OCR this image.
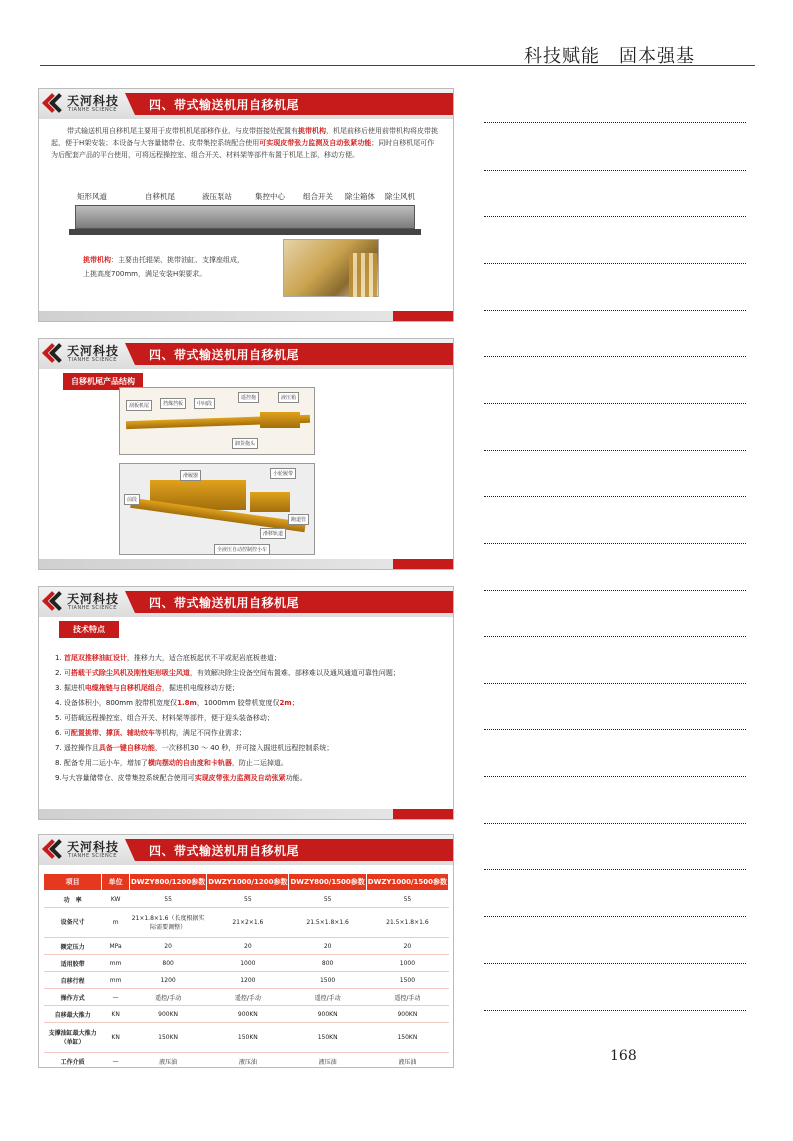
科技赋能　固本强基
天河科技
TIANHE SCIENCE	四、带式输送机用自移机尾
带式输送机用自移机尾主要用于皮带机机尾部移作业，与皮带搭接处配置有挑带机构，机尾前移后使用前带机构将皮带挑起，便于H架安装；本设备与大容量储带仓、皮带集控系统配合使用可实现皮带张力监测及自动张紧功能；同时自移机尾可作为后配套产品的平台使用，可将远程操控室、组合开关、材料架等部件布置于机尾上部，移动方便。
矩形风道	自移机尾	液压泵站	集控中心 组合开关 除尘箱体 除尘风机
挑带机构：主要由托辊架、挑带油缸、支撑座组成，
上挑高度700mm，满足安装H架要求。
天河科技
TIANHE SCIENCE	四、带式输送机用自移机尾
自移机尾产品结构
刮板机尾	挡煤挡板	中间段
遥控拖	液压箱
卸货拖头
小轮履带
前段
滑履器
跑道管
滑移轨道
全液压自动控制控小车
天河科技
TIANHE SCIENCE	四、带式输送机用自移机尾
技术特点
1. 首尾双推移油缸设计，推移力大，适合底板起伏不平或泥岩底板巷道；
2. 可搭载干式除尘风机及刚性矩形吸尘风道，有效解决除尘设备空间布置难、部移难以及通风通道可靠性问题；
3. 掘进机电缆拖链与自移机尾组合，掘进机电缆移动方便；
4. 设备体积小，800mm 胶带机宽度仅1.8m，1000mm 胶带机宽度仅2m；
5. 可搭载远程操控室、组合开关、材料架等部件，便于迎头装备移动；
6. 可配置挑带、撑顶、辅助绞车等机构，满足不同作业需求；
7. 遥控操作且具备一键自移功能，一次移机30 ～ 40 秒，并可接入掘进机远程控制系统；
8. 配备专用二运小车，增加了横向摆动的自由度和卡轨器，防止二运掉道。
9.与大容量储带仓、皮带集控系统配合使用可实现皮带张力监测及自动张紧功能。
天河科技
TIANHE SCIENCE	四、带式输送机用自移机尾
项目	单位	DWZY800/1200参数	DWZY1000/1200参数	DWZY800/1500参数	DWZY1000/1500参数
功　率	KW	55	55	55	55
设备尺寸	m	21×1.8×1.6（长度根据实际需要调整）	21×2×1.6	21.5×1.8×1.6	21.5×1.8×1.6
额定压力	MPa	20	20	20	20
适用胶带	mm	800	1000	800	1000
自移行程	mm	1200	1200	1500	1500
操作方式	—	遥控/手动	遥控/手动	遥控/手动	遥控/手动
自移最大推力	KN	900KN	900KN	900KN	900KN
支撑油缸最大推力（单缸）	KN	150KN	150KN	150KN	150KN
工作介质	—	液压油	液压油	液压油	液压油	168
